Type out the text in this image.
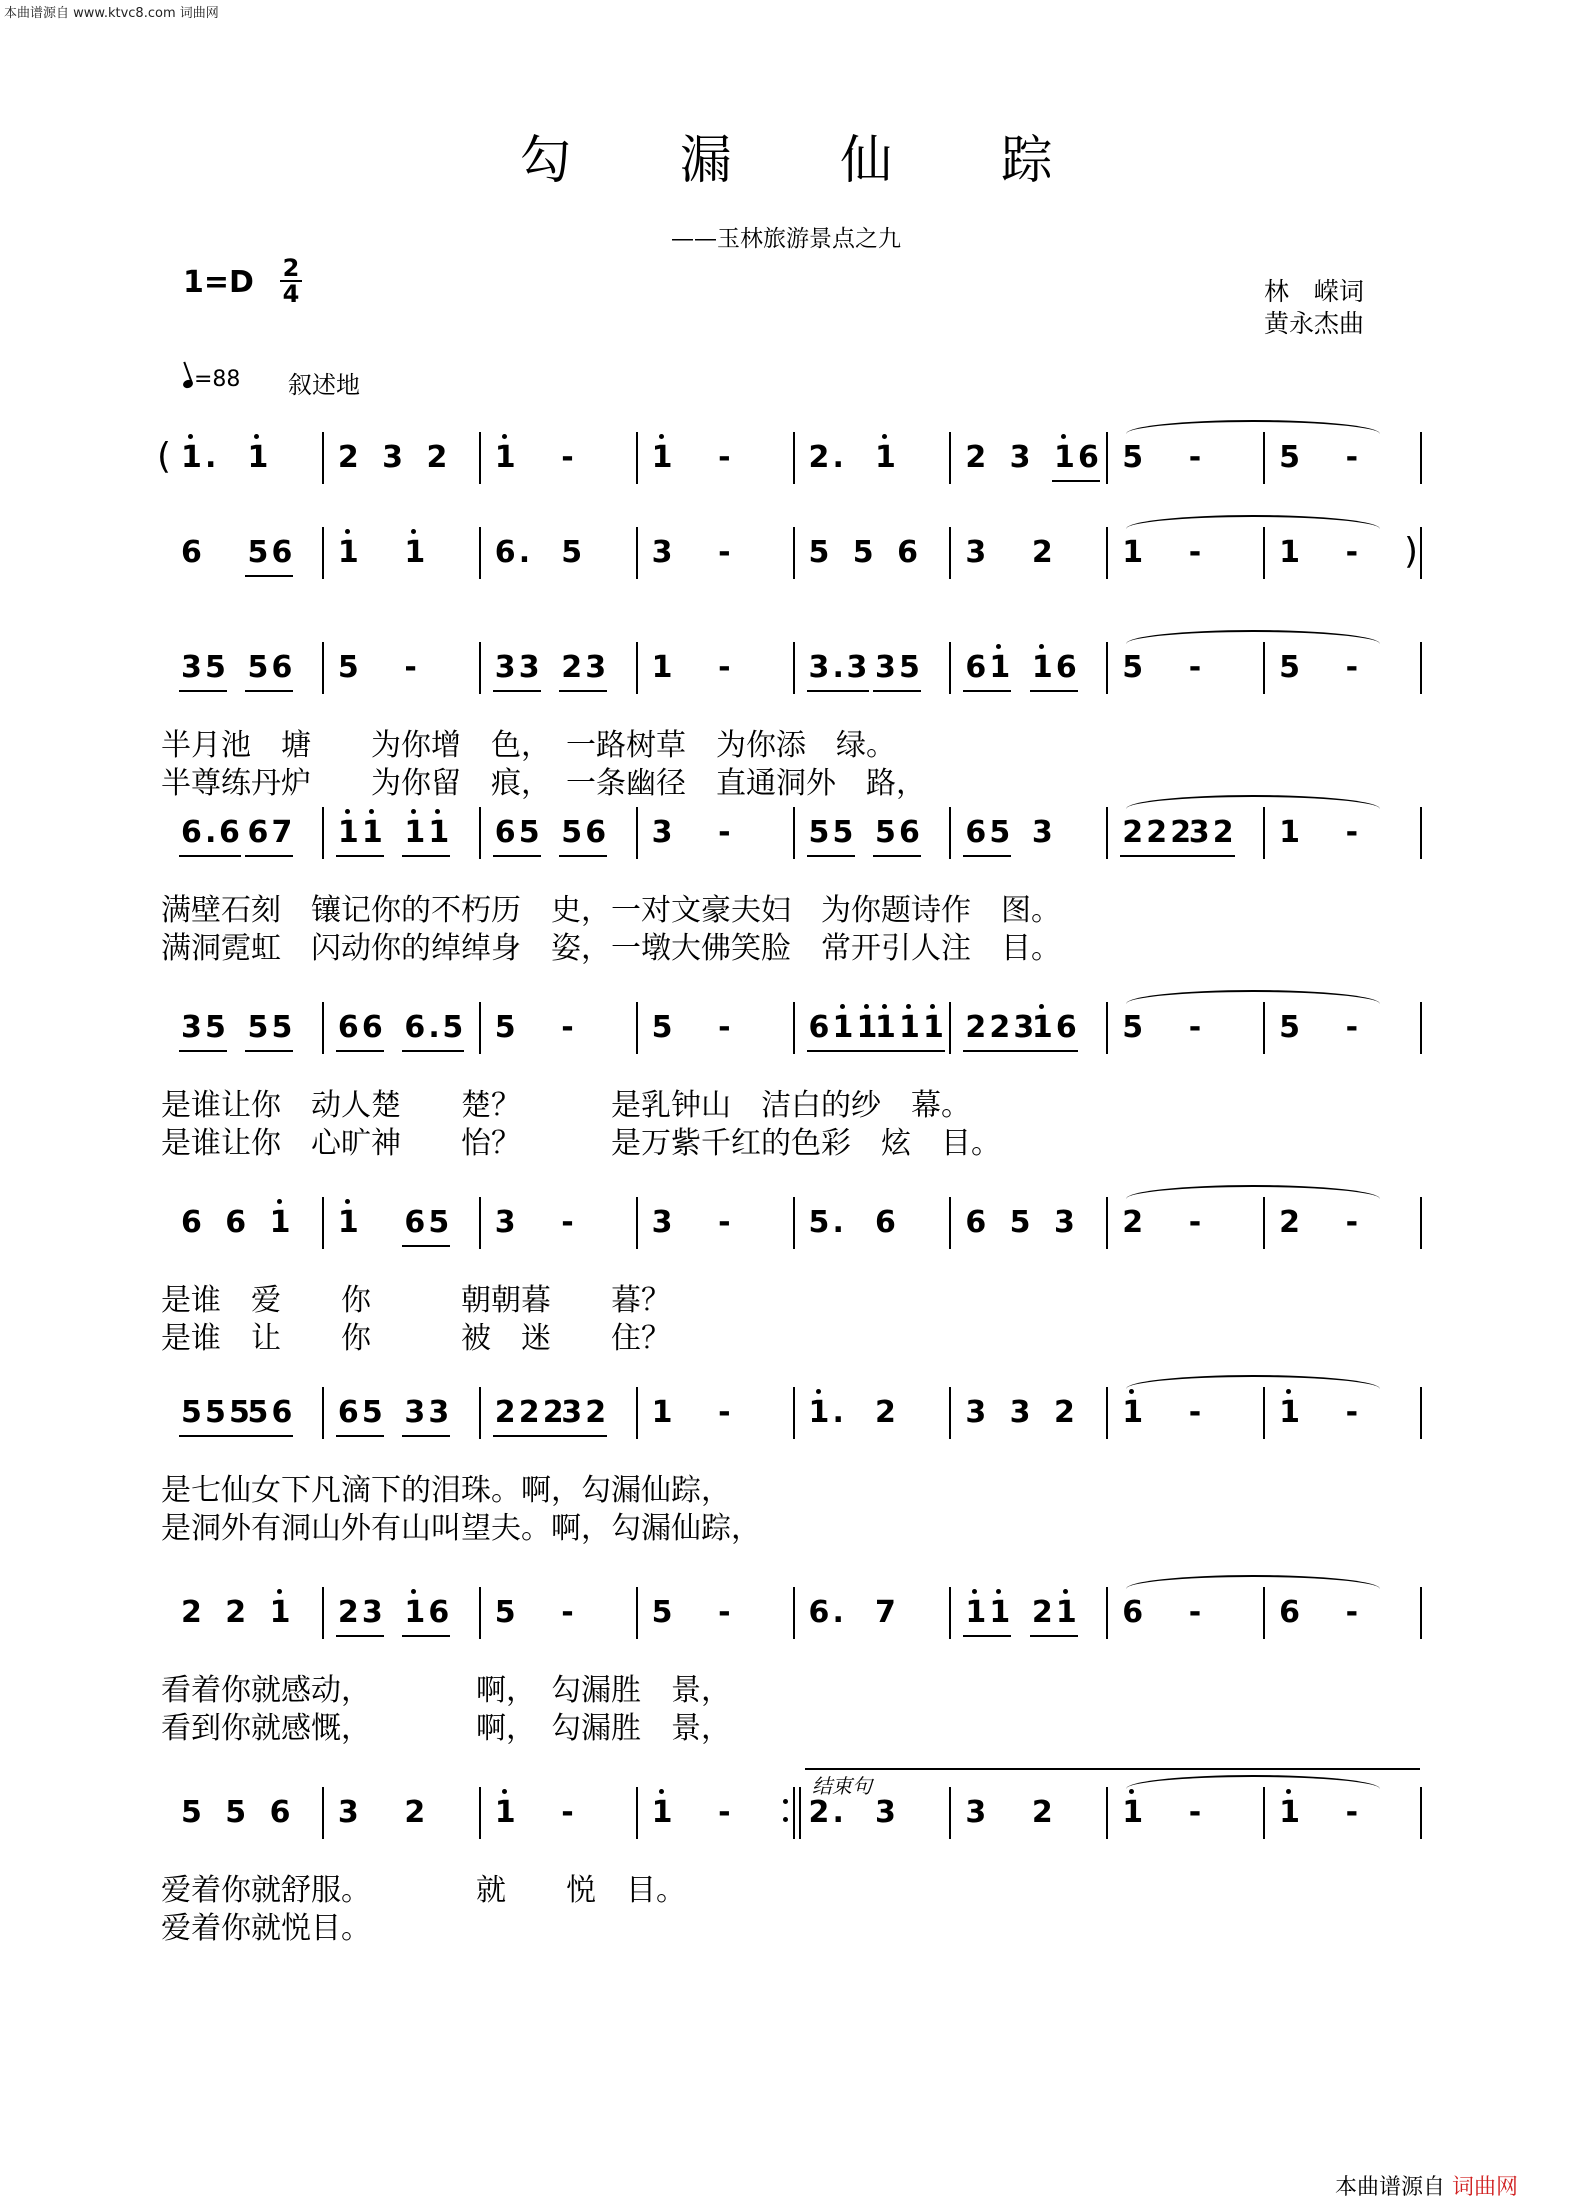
本曲谱源自 www.ktvc8.com 词曲网
勾 漏 仙 踪
——玉林旅游景点之九
1=D 2
4	林　嵘词
黄永杰曲
=88 叙述地
( 1 . 1 2 3 2 1 -	1 -	2 . 1 2 3 1 6 5 -	5 -
6 5 6 1 1 6 . 5 3 -	5 5 6 3 2 1 -	1 - )
3 5 5 6 5 -	3 3 2 3 1 -	3 . 3 3 5 6 1 1 6 5 -	5 -
半月池　塘　　为你增　色，　一路树草　为你添　绿。
半尊练丹炉　　为你留　痕，　一条幽径　直通洞外　路，
6 . 6 6 7 1 1 1 1 6 5 5 6 3 -	5 5 5 6 6 5 3 2 2 2
3 2 1 -
满壁石刻　镶记你的不朽历　史，一对文豪夫妇　为你题诗作　图。
满洞霓虹　闪动你的绰绰身　姿，一墩大佛笑脸　常开引人注　目。
3 5 5 5 6 6 6 . 5 5 -	5 -	6 1 1
1 1 1 2 2 3
1 6 5 -	5 -
是谁让你　动人楚　　楚？　　　是乳钟山　洁白的纱　幕。
是谁让你　心旷神　　怡？　　　是万紫千红的色彩　炫　目。
6 6 1 1 6 5 3 -	3 -	5 . 6 6 5 3 2 -	2 -
是谁　爱　　你　　　朝朝暮　　暮？
是谁　让　　你　　　被　迷　　住？
5 5 5
5 6 6 5 3 3 2 2 2
3 2 1 -	1 . 2 3 3 2 1 -	1 -
是七仙女下凡滴下的泪珠。啊，勾漏仙踪，
是洞外有洞山外有山叫望夫。啊，勾漏仙踪，
2 2 1 2 3 1 6 5 -	5 -	6 . 7 1 1 2 1 6 -	6 -
看着你就感动，　　　　啊，　勾漏胜　景，
看到你就感慨，　　　　啊，　勾漏胜　景，
5 5 6 3 2 1 -	1 -	2 . 3 3 2 1 -	1 -
爱着你就舒服。　　　　就　　悦　目。
爱着你就悦目。
结束句
本曲谱源自 词曲网
